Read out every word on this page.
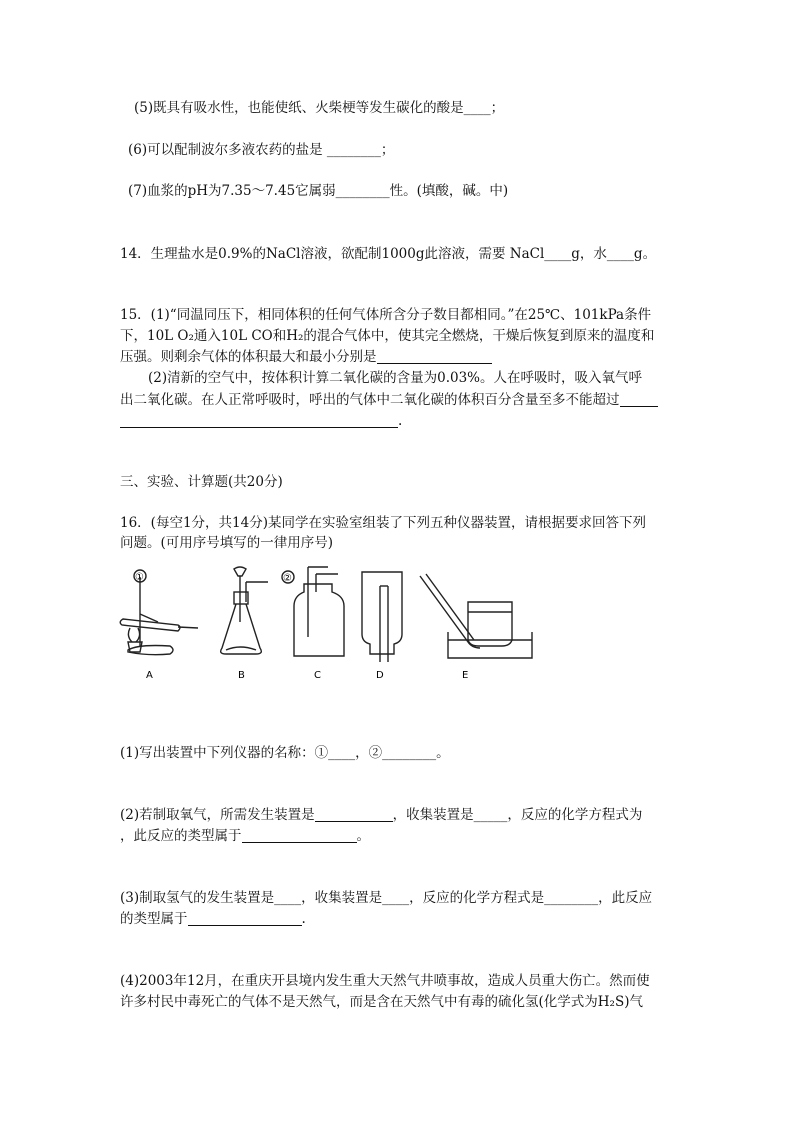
(5)既具有吸水性，也能使纸、火柴梗等发生碳化的酸是____；
(6)可以配制波尔多液农药的盐是 ________；
(7)血浆的pH为7.35～7.45它属弱________性。(填酸，碱。中)
14．生理盐水是0.9%的NaCl溶液，欲配制1000g此溶液，需要 NaCl____g，水____g。
15．(1)“同温同压下，相同体积的任何气体所含分子数目都相同。”在25℃、101kPa条件
下，10L O₂通入10L CO和H₂的混合气体中，使其完全燃烧，干燥后恢复到原来的温度和
压强。则剩余气体的体积最大和最小分别是
(2)清新的空气中，按体积计算二氧化碳的含量为0.03%。人在呼吸时，吸入氧气呼
出二氧化碳。在人正常呼吸时，呼出的气体中二氧化碳的体积百分含量至多不能超过
.
三、实验、计算题(共20分)
16．(每空1分，共14分)某同学在实验室组装了下列五种仪器装置，请根据要求回答下列
问题。(可用序号填写的一律用序号)
A	B	C	D	E
①	②
(1)写出装置中下列仪器的名称：①____，②________。
(2)若制取氧气，所需发生装置是	，收集装置是_____，反应的化学方程式为
，此反应的类型属于	。
(3)制取氢气的发生装置是____，收集装置是____，反应的化学方程式是________，此反应
的类型属于	.
(4)2003年12月，在重庆开县境内发生重大天然气井喷事故，造成人员重大伤亡。然而使
许多村民中毒死亡的气体不是天然气，而是含在天然气中有毒的硫化氢(化学式为H₂S)气
